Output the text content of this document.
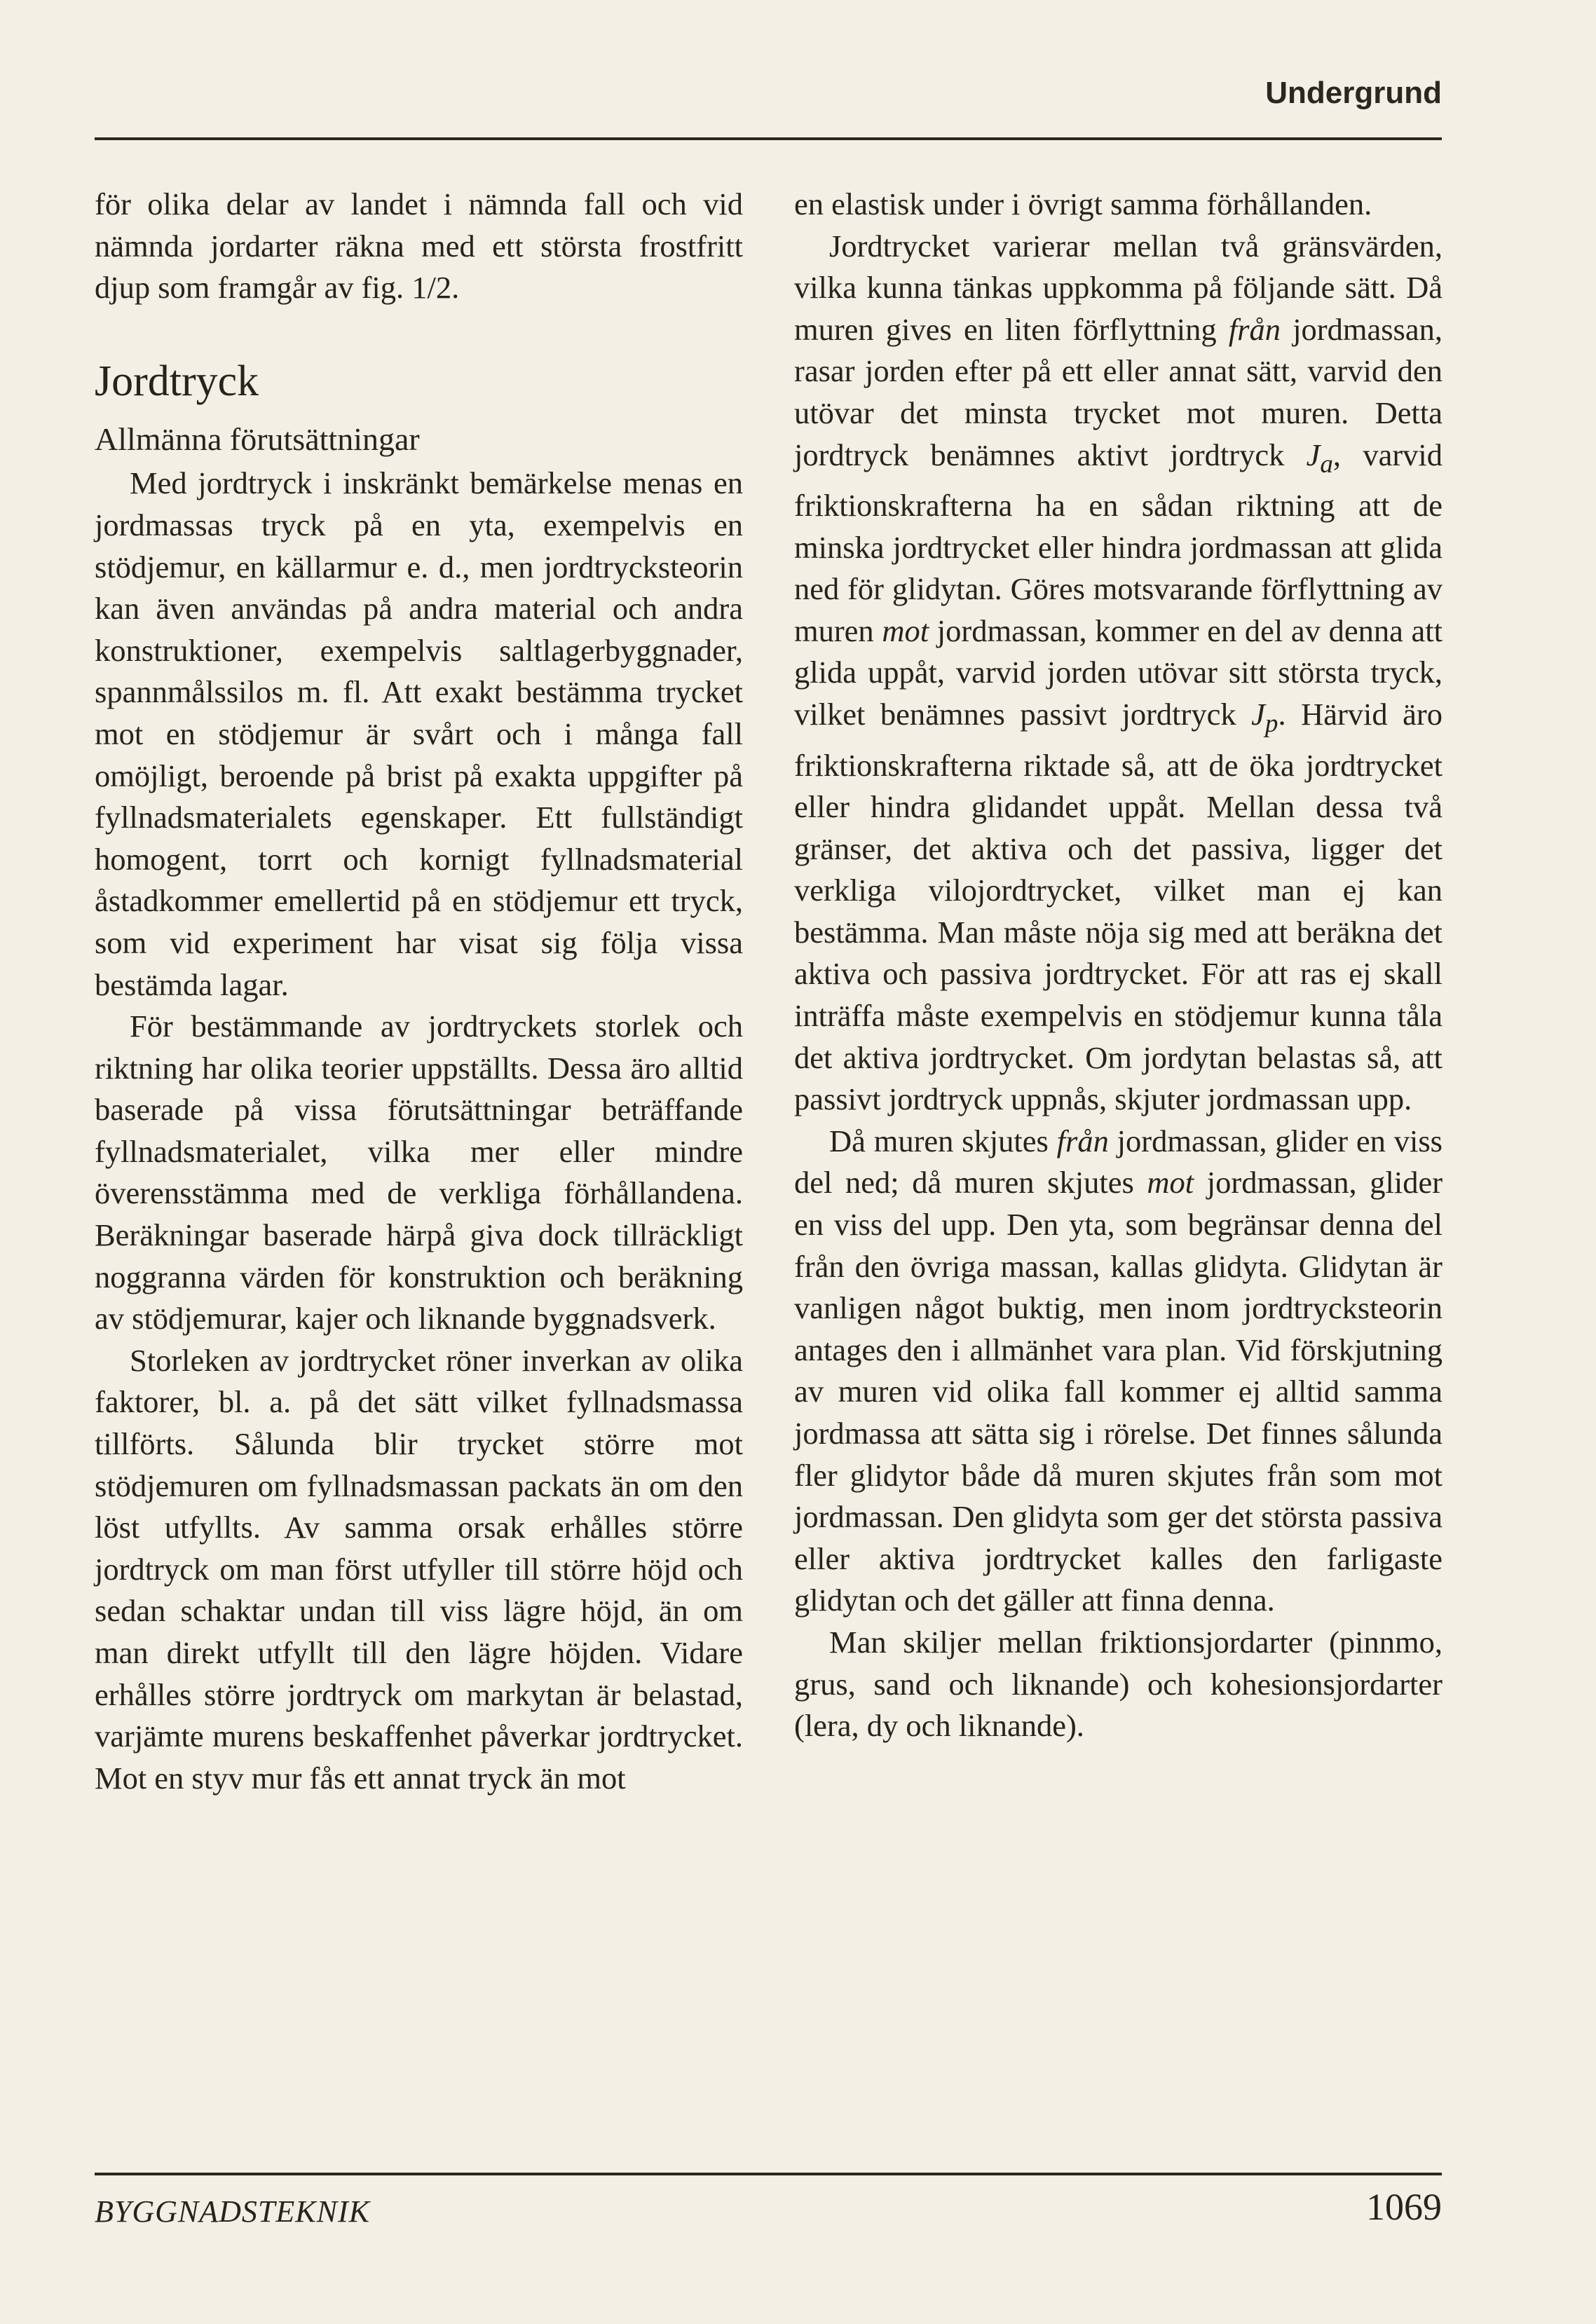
Undergrund

för olika delar av landet i nämnda fall och vid nämnda jordarter räkna med ett största frostfritt djup som framgår av fig. 1/2.

Jordtryck
Allmänna förutsättningar

Med jordtryck i inskränkt bemärkelse menas en jordmassas tryck på en yta, exempelvis en stödjemur, en källarmur e. d., men jordtrycksteorin kan även användas på andra material och andra konstruktioner, exempelvis saltlagerbyggnader, spannmålssilos m. fl. Att exakt bestämma trycket mot en stödjemur är svårt och i många fall omöjligt, beroende på brist på exakta uppgifter på fyllnadsmaterialets egenskaper. Ett fullständigt homogent, torrt och kornigt fyllnadsmaterial åstadkommer emellertid på en stödjemur ett tryck, som vid experiment har visat sig följa vissa bestämda lagar.

För bestämmande av jordtryckets storlek och riktning har olika teorier uppställts. Dessa äro alltid baserade på vissa förutsättningar beträffande fyllnadsmaterialet, vilka mer eller mindre överensstämma med de verkliga förhållandena. Beräkningar baserade härpå giva dock tillräckligt noggranna värden för konstruktion och beräkning av stödjemurar, kajer och liknande byggnadsverk.

Storleken av jordtrycket röner inverkan av olika faktorer, bl. a. på det sätt vilket fyllnadsmassa tillförts. Sålunda blir trycket större mot stödjemuren om fyllnadsmassan packats än om den löst utfyllts. Av samma orsak erhålles större jordtryck om man först utfyller till större höjd och sedan schaktar undan till viss lägre höjd, än om man direkt utfyllt till den lägre höjden. Vidare erhålles större jordtryck om markytan är belastad, varjämte murens beskaffenhet påverkar jordtrycket. Mot en styv mur fås ett annat tryck än mot

en elastisk under i övrigt samma förhållanden.

Jordtrycket varierar mellan två gränsvärden, vilka kunna tänkas uppkomma på följande sätt. Då muren gives en liten förflyttning från jordmassan, rasar jorden efter på ett eller annat sätt, varvid den utövar det minsta trycket mot muren. Detta jordtryck benämnes aktivt jordtryck $J_a$, varvid friktionskrafterna ha en sådan riktning att de minska jordtrycket eller hindra jordmassan att glida ned för glidytan. Göres motsvarande förflyttning av muren mot jordmassan, kommer en del av denna att glida uppåt, varvid jorden utövar sitt största tryck, vilket benämnes passivt jordtryck $J_p$. Härvid äro friktionskrafterna riktade så, att de öka jordtrycket eller hindra glidandet uppåt. Mellan dessa två gränser, det aktiva och det passiva, ligger det verkliga vilojordtrycket, vilket man ej kan bestämma. Man måste nöja sig med att beräkna det aktiva och passiva jordtrycket. För att ras ej skall inträffa måste exempelvis en stödjemur kunna tåla det aktiva jordtrycket. Om jordytan belastas så, att passivt jordtryck uppnås, skjuter jordmassan upp.

Då muren skjutes från jordmassan, glider en viss del ned; då muren skjutes mot jordmassan, glider en viss del upp. Den yta, som begränsar denna del från den övriga massan, kallas glidyta. Glidytan är vanligen något buktig, men inom jordtrycksteorin antages den i allmänhet vara plan. Vid förskjutning av muren vid olika fall kommer ej alltid samma jordmassa att sätta sig i rörelse. Det finnes sålunda fler glidytor både då muren skjutes från som mot jordmassan. Den glidyta som ger det största passiva eller aktiva jordtrycket kalles den farligaste glidytan och det gäller att finna denna.

Man skiljer mellan friktionsjordarter (pinnmo, grus, sand och liknande) och kohesionsjordarter (lera, dy och liknande).

BYGGNADSTEKNIK	1069
